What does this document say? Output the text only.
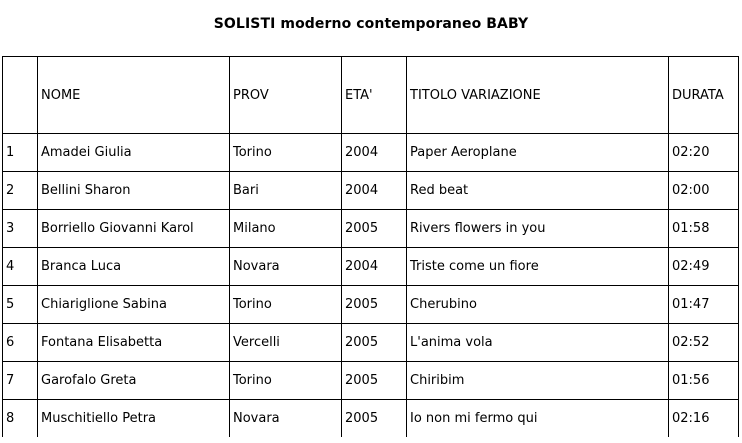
SOLISTI moderno contemporaneo BABY
	NOME	PROV	ETA'	TITOLO VARIAZIONE	DURATA
1	Amadei Giulia	Torino	2004	Paper Aeroplane	02:20
2	Bellini Sharon	Bari	2004	Red beat	02:00
3	Borriello Giovanni Karol	Milano	2005	Rivers flowers in you	01:58
4	Branca Luca	Novara	2004	Triste come un fiore	02:49
5	Chiariglione Sabina	Torino	2005	Cherubino	01:47
6	Fontana Elisabetta	Vercelli	2005	L'anima vola	02:52
7	Garofalo Greta	Torino	2005	Chiribim	01:56
8	Muschitiello Petra	Novara	2005	Io non mi fermo qui	02:16
